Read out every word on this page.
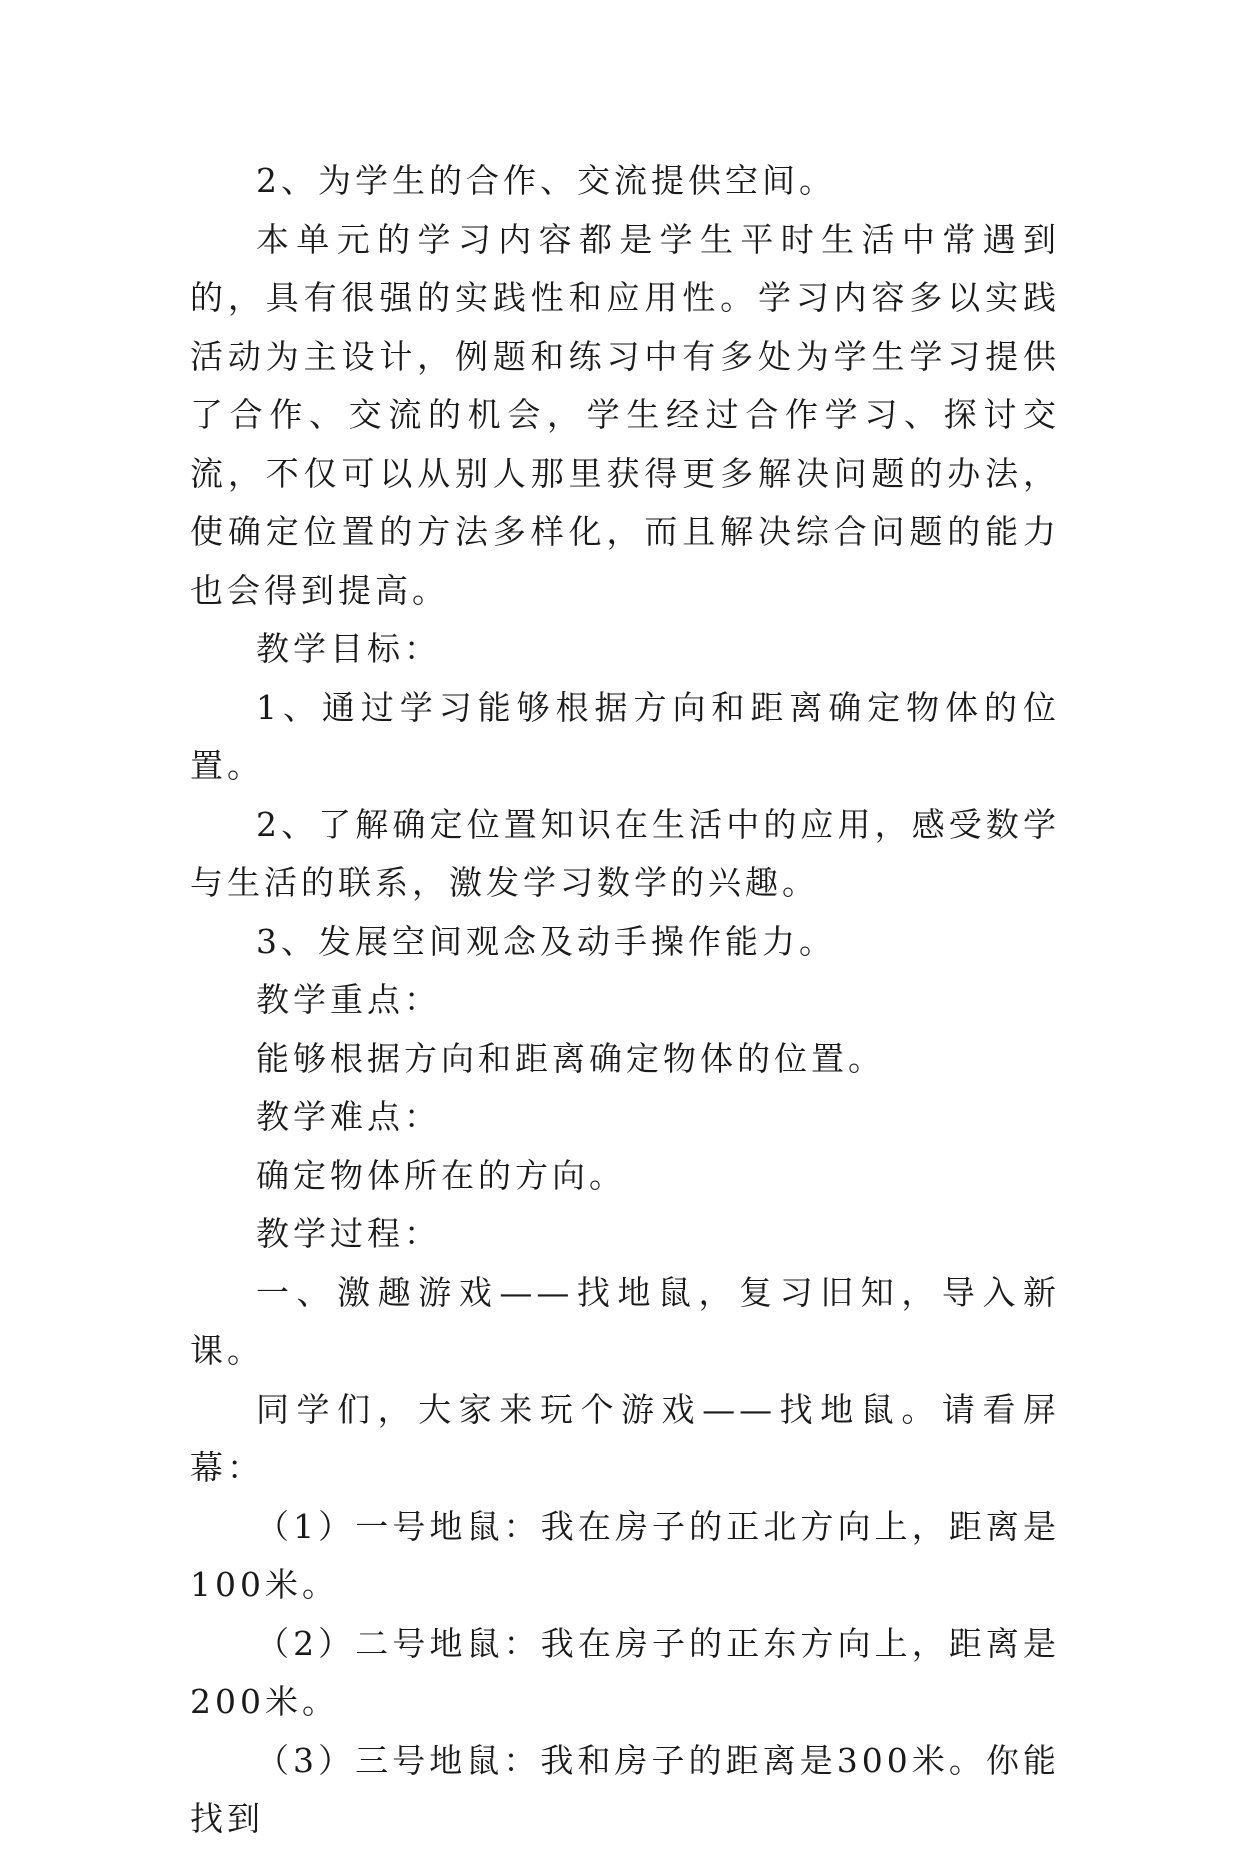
2、为学生的合作、交流提供空间。

本单元的学习内容都是学生平时生活中常遇到的，具有很强的实践性和应用性。学习内容多以实践活动为主设计，例题和练习中有多处为学生学习提供了合作、交流的机会，学生经过合作学习、探讨交流，不仅可以从别人那里获得更多解决问题的办法，使确定位置的方法多样化，而且解决综合问题的能力也会得到提高。

教学目标：

1、通过学习能够根据方向和距离确定物体的位置。

2、了解确定位置知识在生活中的应用，感受数学与生活的联系，激发学习数学的兴趣。

3、发展空间观念及动手操作能力。

教学重点：

能够根据方向和距离确定物体的位置。

教学难点：

确定物体所在的方向。

教学过程：

一、激趣游戏——找地鼠，复习旧知，导入新课。

同学们，大家来玩个游戏——找地鼠。请看屏幕：

（1）一号地鼠：我在房子的正北方向上，距离是100米。

（2）二号地鼠：我在房子的正东方向上，距离是200米。

（3）三号地鼠：我和房子的距离是300米。你能找到
